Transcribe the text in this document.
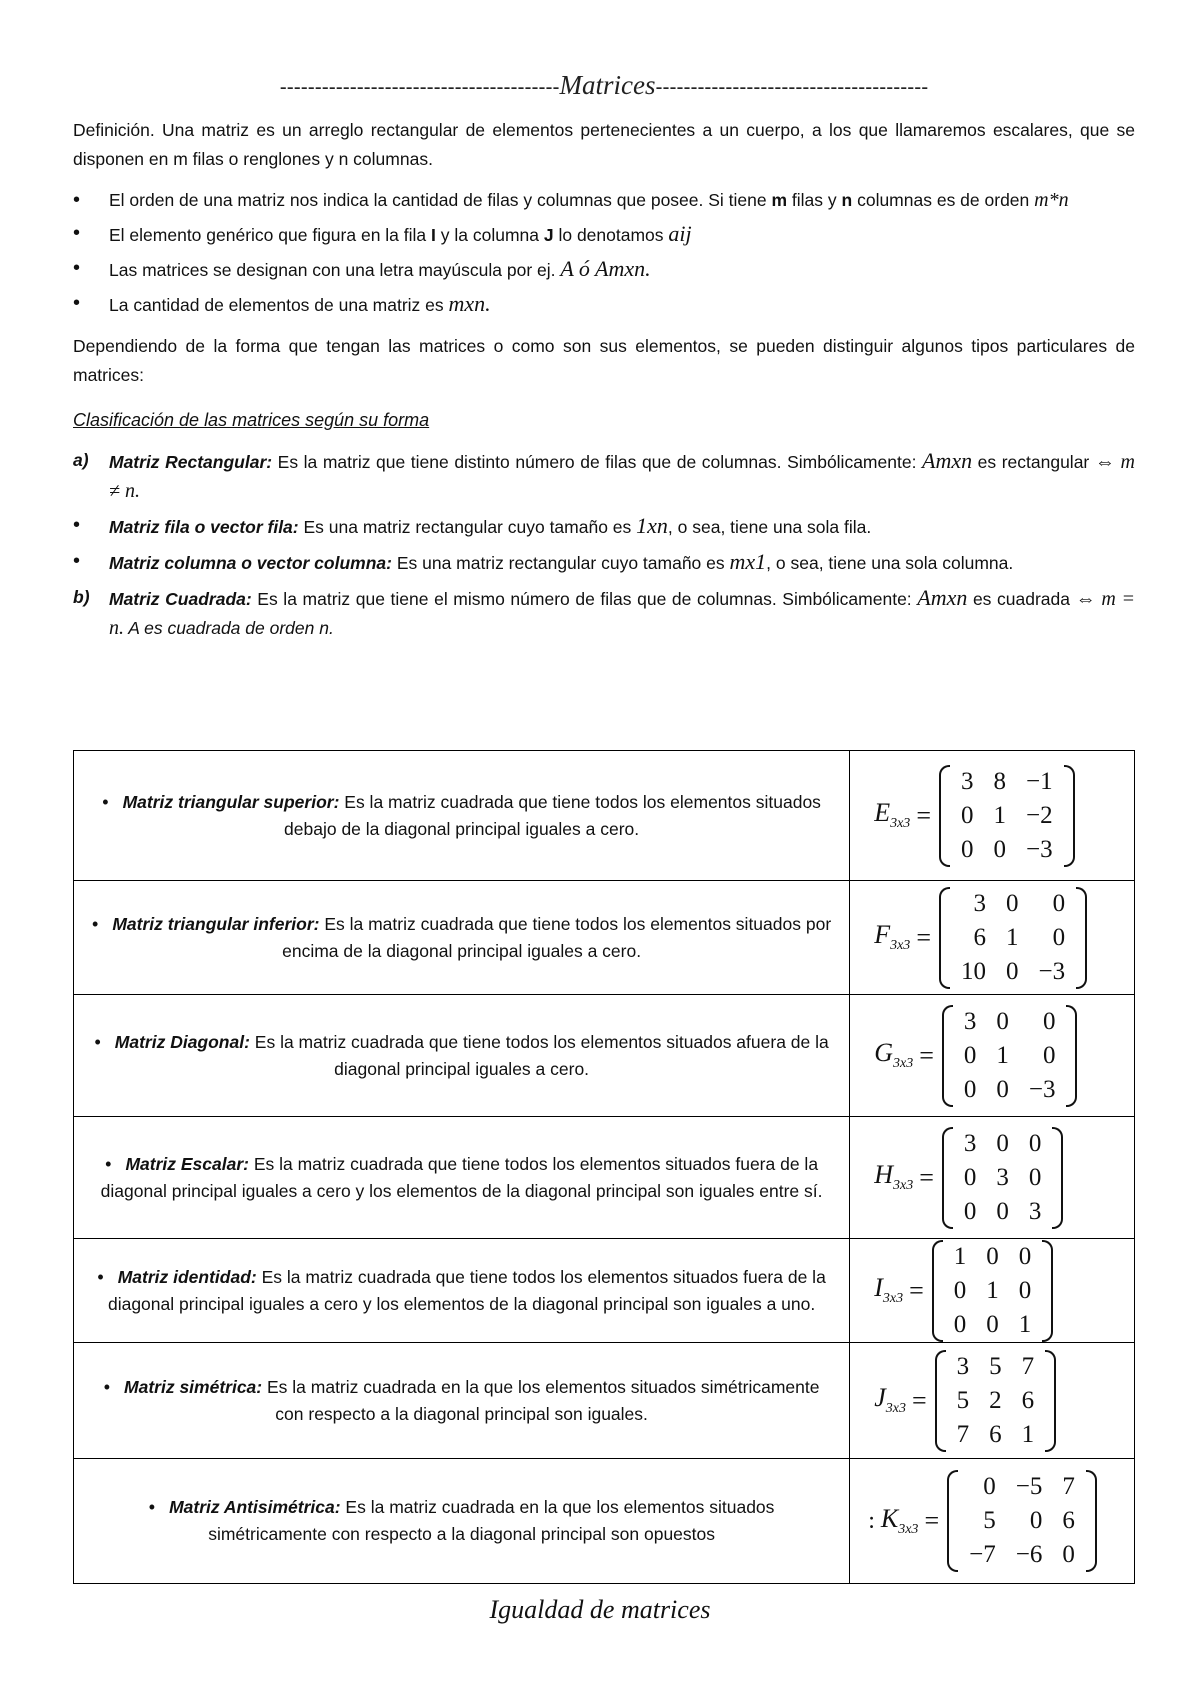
----------------------------------------Matrices---------------------------------------

Definición. Una matriz es un arreglo rectangular de elementos pertenecientes a un cuerpo, a los que llamaremos escalares, que se disponen en m filas o renglones y n columnas.

• El orden de una matriz nos indica la cantidad de filas y columnas que posee. Si tiene m filas y n columnas es de orden m*n
• El elemento genérico que figura en la fila I y la columna J lo denotamos aij
• Las matrices se designan con una letra mayúscula por ej. A ó Amxn.
• La cantidad de elementos de una matriz es mxn.

Dependiendo de la forma que tengan las matrices o como son sus elementos, se pueden distinguir algunos tipos particulares de matrices:

Clasificación de las matrices según su forma
a) Matriz Rectangular: Es la matriz que tiene distinto número de filas que de columnas. Simbólicamente: Amxn es rectangular ⇔ m ≠ n.
• Matriz fila o vector fila: Es una matriz rectangular cuyo tamaño es 1xn, o sea, tiene una sola fila.
• Matriz columna o vector columna: Es una matriz rectangular cuyo tamaño es mx1, o sea, tiene una sola columna.
b) Matriz Cuadrada: Es la matriz que tiene el mismo número de filas que de columnas. Simbólicamente: Amxn es cuadrada ⇔ m = n. A es cuadrada de orden n.
• Matriz triangular superior: Es la matriz cuadrada que tiene todos los elementos situados debajo de la diagonal principal iguales a cero.	
$E_{3x3}$ =
3	8	−1
0	1	−2
0	0	−3

• Matriz triangular inferior: Es la matriz cuadrada que tiene todos los elementos situados por encima de la diagonal principal iguales a cero.	
$F_{3x3}$ =
3	0	0
6	1	0
10	0	−3

• Matriz Diagonal: Es la matriz cuadrada que tiene todos los elementos situados afuera de la diagonal principal iguales a cero.	
$G_{3x3}$ =
3	0	0
0	1	0
0	0	−3

• Matriz Escalar: Es la matriz cuadrada que tiene todos los elementos situados fuera de la diagonal principal iguales a cero y los elementos de la diagonal principal son iguales entre sí.	
$H_{3x3}$ =
3	0	0
0	3	0
0	0	3

• Matriz identidad: Es la matriz cuadrada que tiene todos los elementos situados fuera de la diagonal principal iguales a cero y los elementos de la diagonal principal son iguales a uno.	
$I_{3x3}$ =
1	0	0
0	1	0
0	0	1

• Matriz simétrica: Es la matriz cuadrada en la que los elementos situados simétricamente con respecto a la diagonal principal son iguales.	
$J_{3x3}$ =
3	5	7
5	2	6
7	6	1

• Matriz Antisimétrica: Es la matriz cuadrada en la que los elementos situados simétricamente con respecto a la diagonal principal son opuestos	
: $K_{3x3}$ =
0	−5	7
5	0	6
−7	−6	0
Igualdad de matrices
